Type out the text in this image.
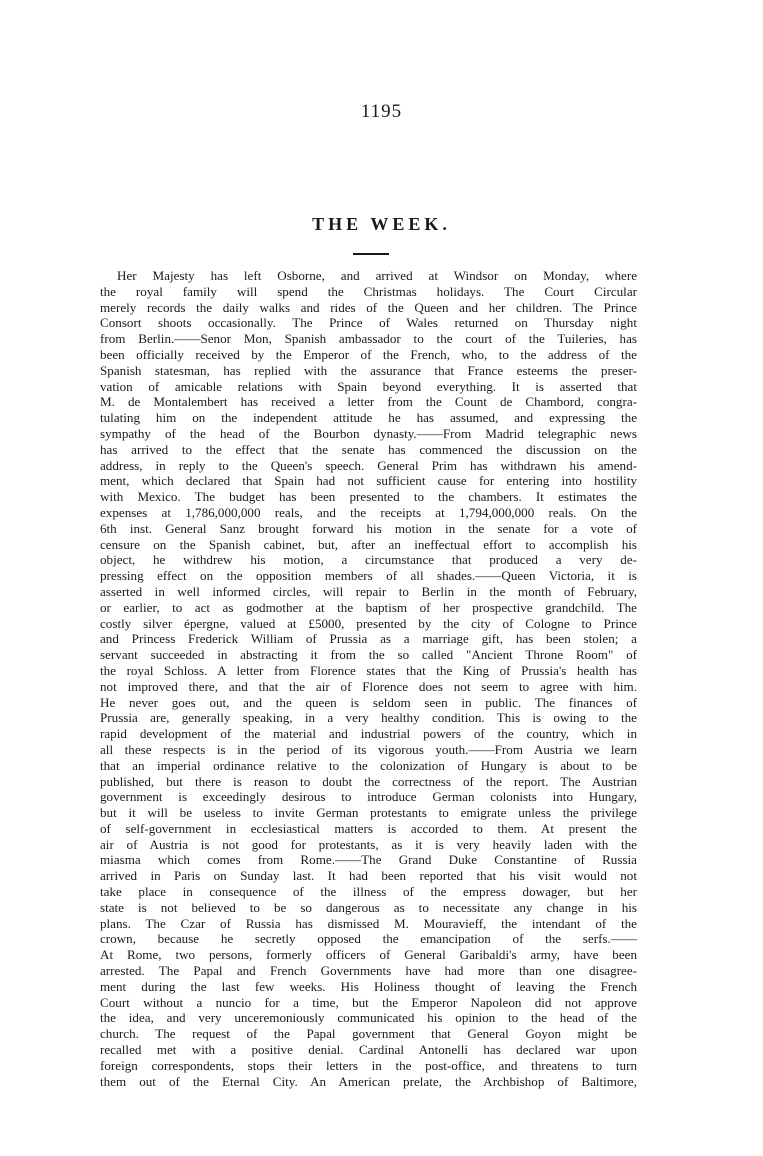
1195
THE WEEK.
Her Majesty has left Osborne, and arrived at Windsor on Monday, where
the royal family will spend the Christmas holidays. The Court Circular
merely records the daily walks and rides of the Queen and her children. The Prince
Consort shoots occasionally. The Prince of Wales returned on Thursday night
from Berlin.——Senor Mon, Spanish ambassador to the court of the Tuileries, has
been officially received by the Emperor of the French, who, to the address of the
Spanish statesman, has replied with the assurance that France esteems the preser-
vation of amicable relations with Spain beyond everything. It is asserted that
M. de Montalembert has received a letter from the Count de Chambord, congra-
tulating him on the independent attitude he has assumed, and expressing the
sympathy of the head of the Bourbon dynasty.——From Madrid telegraphic news
has arrived to the effect that the senate has commenced the discussion on the
address, in reply to the Queen's speech. General Prim has withdrawn his amend-
ment, which declared that Spain had not sufficient cause for entering into hostility
with Mexico. The budget has been presented to the chambers. It estimates the
expenses at 1,786,000,000 reals, and the receipts at 1,794,000,000 reals. On the
6th inst. General Sanz brought forward his motion in the senate for a vote of
censure on the Spanish cabinet, but, after an ineffectual effort to accomplish his
object, he withdrew his motion, a circumstance that produced a very de-
pressing effect on the opposition members of all shades.——Queen Victoria, it is
asserted in well informed circles, will repair to Berlin in the month of February,
or earlier, to act as godmother at the baptism of her prospective grandchild. The
costly silver épergne, valued at £5000, presented by the city of Cologne to Prince
and Princess Frederick William of Prussia as a marriage gift, has been stolen; a
servant succeeded in abstracting it from the so called "Ancient Throne Room" of
the royal Schloss. A letter from Florence states that the King of Prussia's health has
not improved there, and that the air of Florence does not seem to agree with him.
He never goes out, and the queen is seldom seen in public. The finances of
Prussia are, generally speaking, in a very healthy condition. This is owing to the
rapid development of the material and industrial powers of the country, which in
all these respects is in the period of its vigorous youth.——From Austria we learn
that an imperial ordinance relative to the colonization of Hungary is about to be
published, but there is reason to doubt the correctness of the report. The Austrian
government is exceedingly desirous to introduce German colonists into Hungary,
but it will be useless to invite German protestants to emigrate unless the privilege
of self-government in ecclesiastical matters is accorded to them. At present the
air of Austria is not good for protestants, as it is very heavily laden with the
miasma which comes from Rome.——The Grand Duke Constantine of Russia
arrived in Paris on Sunday last. It had been reported that his visit would not
take place in consequence of the illness of the empress dowager, but her
state is not believed to be so dangerous as to necessitate any change in his
plans. The Czar of Russia has dismissed M. Mouravieff, the intendant of the
crown, because he secretly opposed the emancipation of the serfs.——
At Rome, two persons, formerly officers of General Garibaldi's army, have been
arrested. The Papal and French Governments have had more than one disagree-
ment during the last few weeks. His Holiness thought of leaving the French
Court without a nuncio for a time, but the Emperor Napoleon did not approve
the idea, and very unceremoniously communicated his opinion to the head of the
church. The request of the Papal government that General Goyon might be
recalled met with a positive denial. Cardinal Antonelli has declared war upon
foreign correspondents, stops their letters in the post-office, and threatens to turn
them out of the Eternal City. An American prelate, the Archbishop of Baltimore,
